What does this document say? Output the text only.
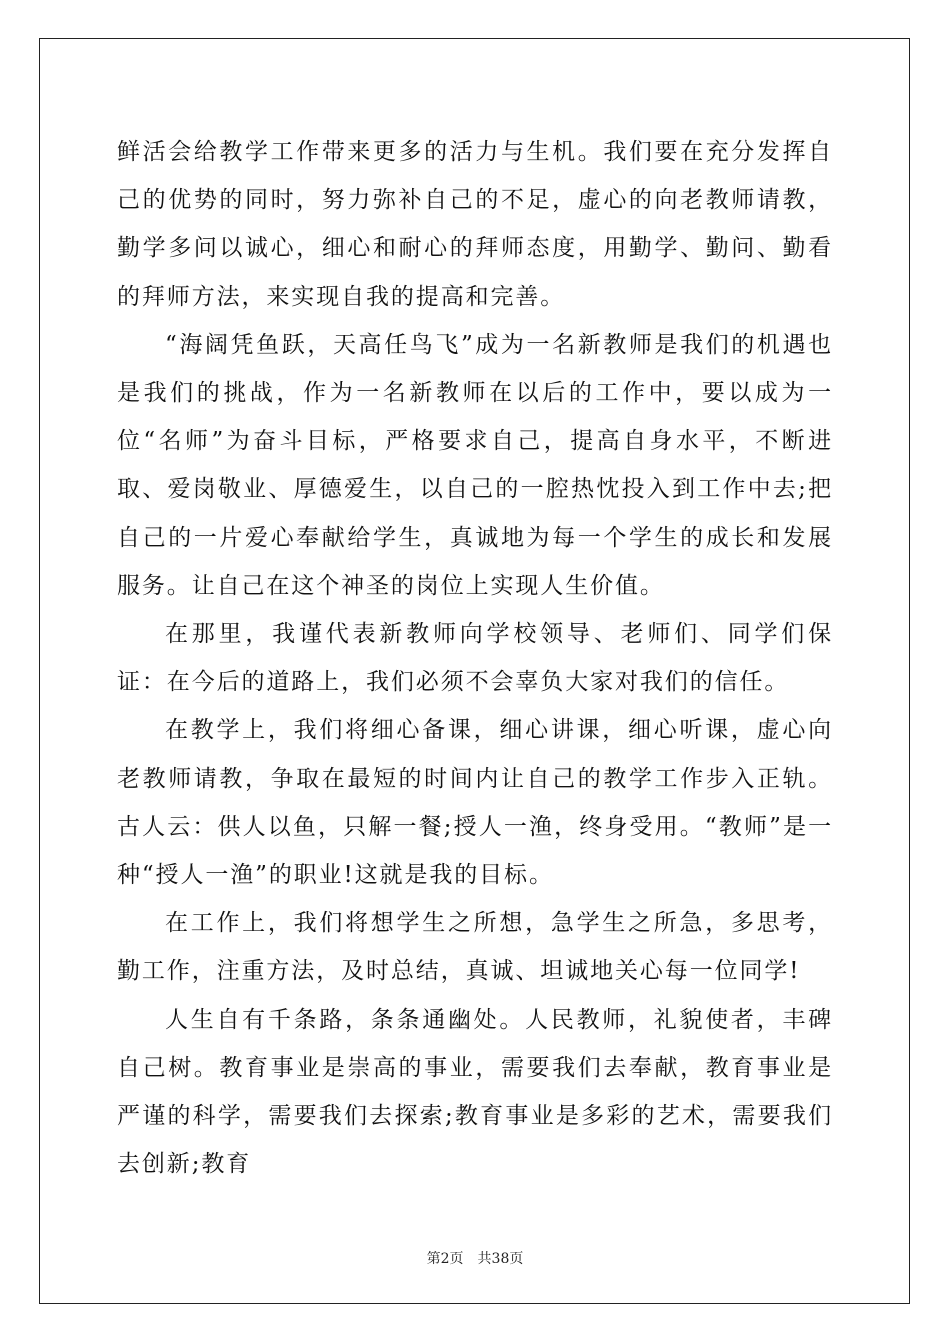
鲜活会给教学工作带来更多的活力与生机。我们要在充分发挥自己的优势的同时，努力弥补自己的不足，虚心的向老教师请教，勤学多问以诚心，细心和耐心的拜师态度，用勤学、勤问、勤看的拜师方法，来实现自我的提高和完善。

“海阔凭鱼跃，天高任鸟飞”成为一名新教师是我们的机遇也是我们的挑战，作为一名新教师在以后的工作中，要以成为一位“名师”为奋斗目标，严格要求自己，提高自身水平，不断进取、爱岗敬业、厚德爱生，以自己的一腔热忱投入到工作中去;把自己的一片爱心奉献给学生，真诚地为每一个学生的成长和发展服务。让自己在这个神圣的岗位上实现人生价值。

在那里，我谨代表新教师向学校领导、老师们、同学们保证：在今后的道路上，我们必须不会辜负大家对我们的信任。

在教学上，我们将细心备课，细心讲课，细心听课，虚心向老教师请教，争取在最短的时间内让自己的教学工作步入正轨。古人云：供人以鱼，只解一餐;授人一渔，终身受用。“教师”是一种“授人一渔”的职业!这就是我的目标。

在工作上，我们将想学生之所想，急学生之所急，多思考，勤工作，注重方法，及时总结，真诚、坦诚地关心每一位同学!

人生自有千条路，条条通幽处。人民教师，礼貌使者，丰碑自己树。教育事业是崇高的事业，需要我们去奉献，教育事业是严谨的科学，需要我们去探索;教育事业是多彩的艺术，需要我们去创新;教育

第2页 共38页
